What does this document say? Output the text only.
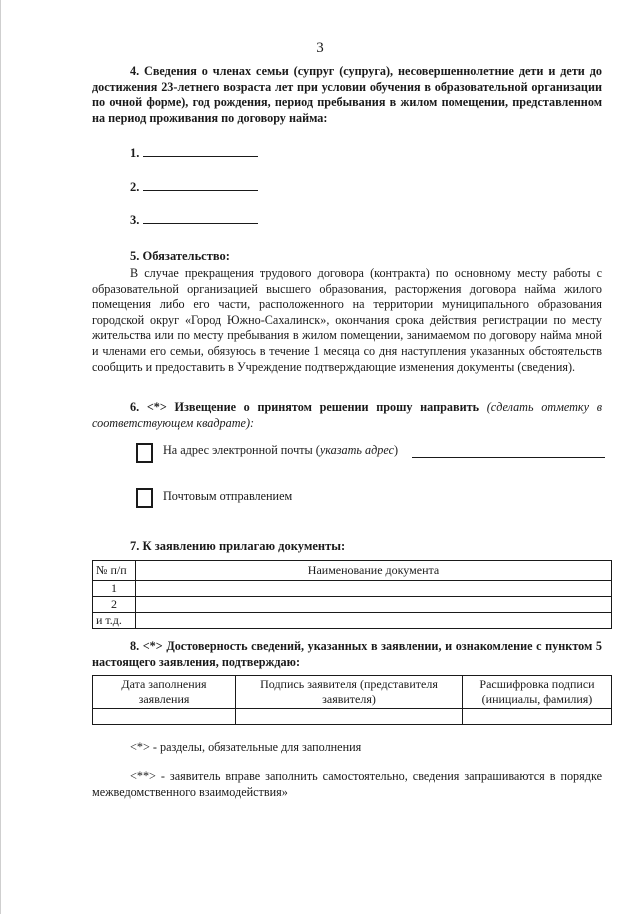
3
4. Сведения о членах семьи (супруг (супруга), несовершеннолетние дети и дети до достижения 23-летнего возраста лет при условии обучения в образовательной организации по очной форме), год рождения, период пребывания в жилом помещении, представленном на период проживания по договору найма:
1.
2.
3.
5. Обязательство:
В случае прекращения трудового договора (контракта) по основному месту работы с образовательной организацией высшего образования, расторжения договора найма жилого помещения либо его части, расположенного на территории муниципального образования городской округ «Город Южно-Сахалинск», окончания срока действия регистрации по месту жительства или по месту пребывания в жилом помещении, занимаемом по договору найма мной и членами его семьи, обязуюсь в течение 1 месяца со дня наступления указанных обстоятельств сообщить и предоставить в Учреждение подтверждающие изменения документы (сведения).
6. <*> Извещение о принятом решении прошу направить (сделать отметку в соответствующем квадрате):
На адрес электронной почты (указать адрес)
Почтовым отправлением
7. К заявлению прилагаю документы:
№ п/п	Наименование документа
1	
2	
и т.д.	
8. <*> Достоверность сведений, указанных в заявлении, и ознакомление с пунктом 5 настоящего заявления, подтверждаю:
Дата заполнения заявления	Подпись заявителя (представителя заявителя)	Расшифровка подписи (инициалы, фамилия)

<*> - разделы, обязательные для заполнения
<**> - заявитель вправе заполнить самостоятельно, сведения запрашиваются в порядке межведомственного взаимодействия»
